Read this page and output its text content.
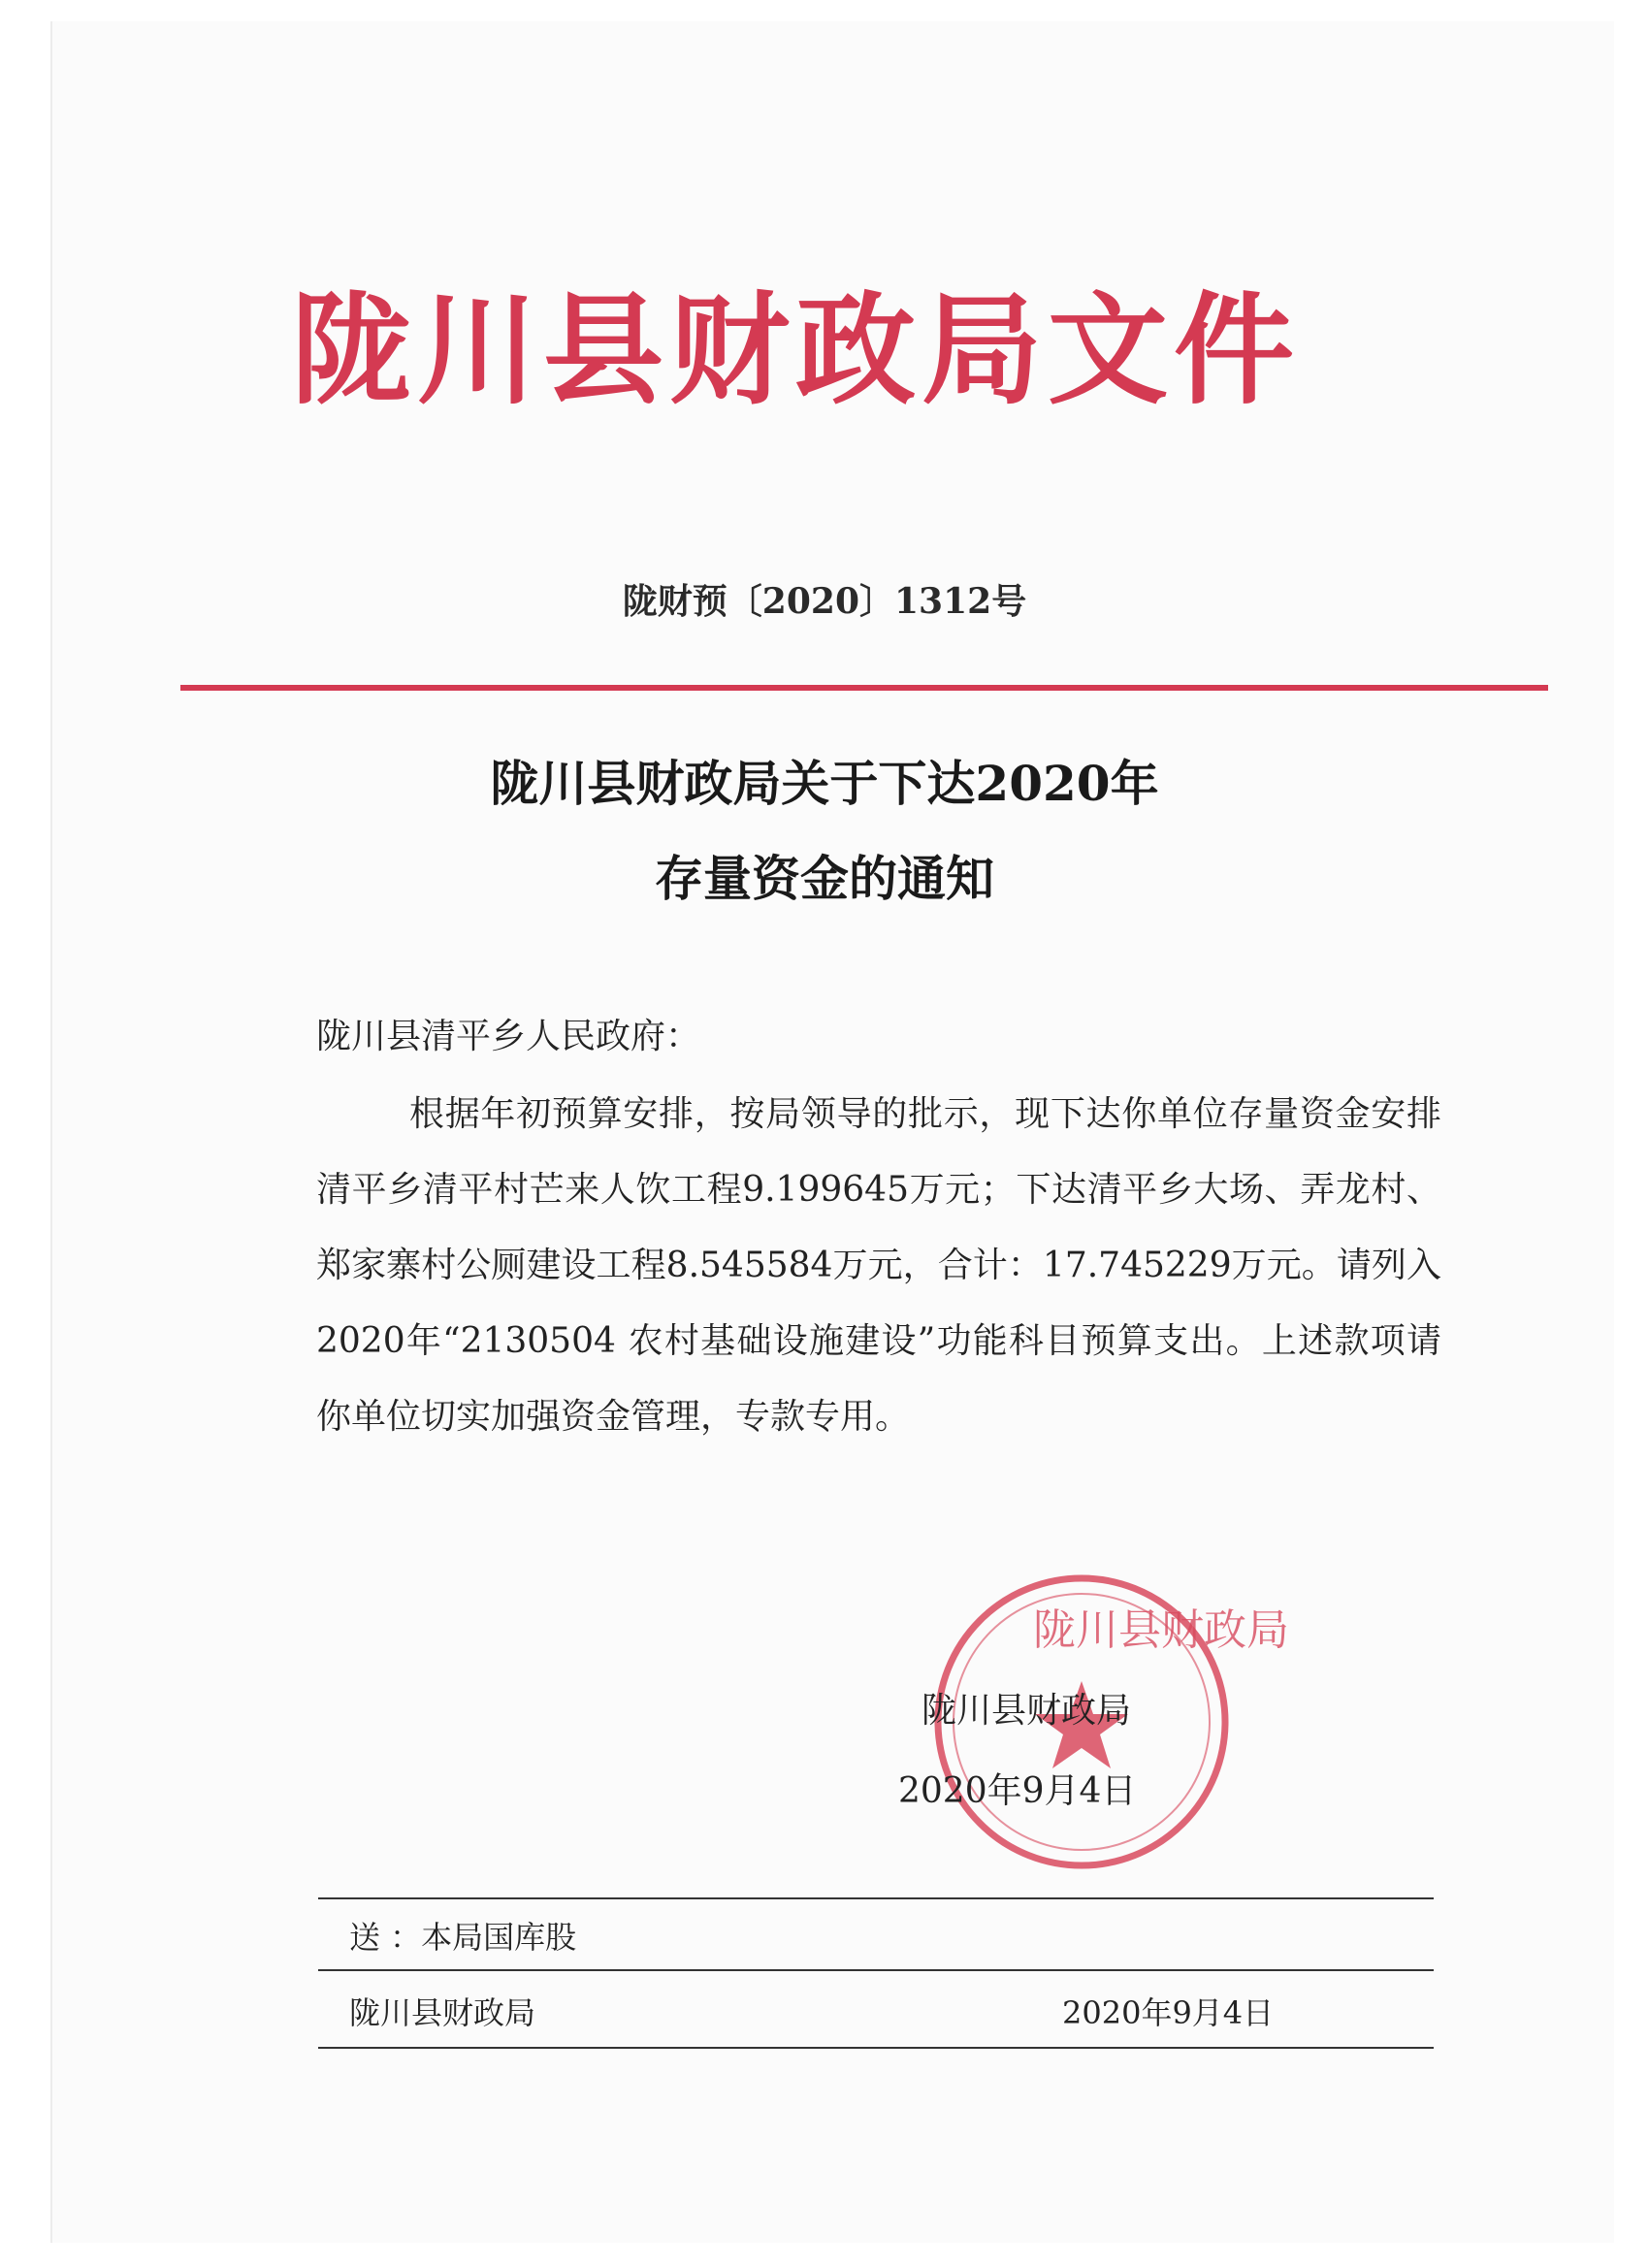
陇川县财政局文件
陇财预〔2020〕1312号
陇川县财政局关于下达2020年
存量资金的通知
陇川县清平乡人民政府：
根据年初预算安排，按局领导的批示，现下达你单位存量资金安排清平乡清平村芒来人饮工程9.199645万元；下达清平乡大场、弄龙村、郑家寨村公厕建设工程8.545584万元，合计：17.745229万元。请列入2020年“2130504 农村基础设施建设”功能科目预算支出。上述款项请你单位切实加强资金管理，专款专用。
陇川县财政局
陇川县财政局
2020年9月4日
送 ：本局国库股
陇川县财政局	2020年9月4日
